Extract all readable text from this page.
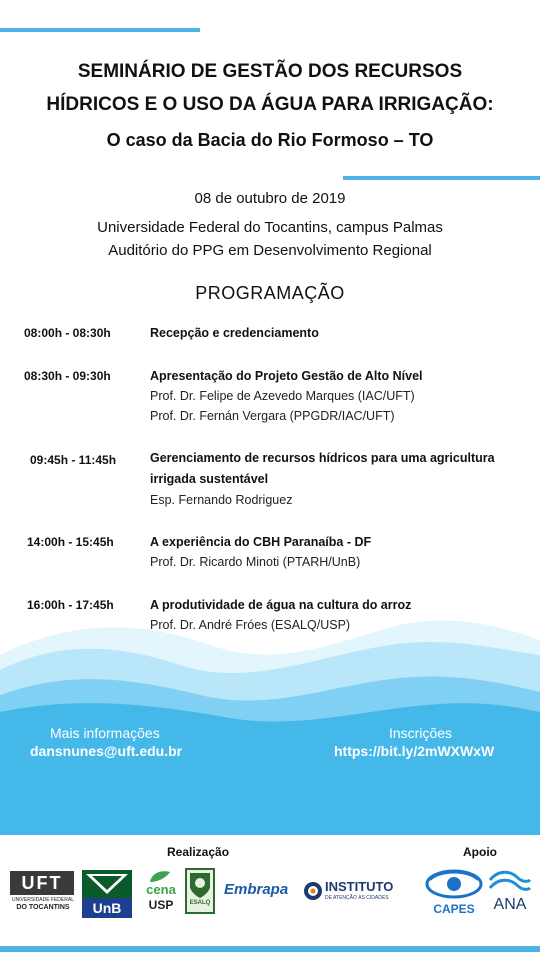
SEMINÁRIO DE GESTÃO DOS RECURSOS
HÍDRICOS E O USO DA ÁGUA PARA IRRIGAÇÃO:
O caso da Bacia do Rio Formoso – TO
08 de outubro de 2019
Universidade Federal do Tocantins, campus Palmas
Auditório do PPG em Desenvolvimento Regional
PROGRAMAÇÃO
08:00h - 08:30h	Recepção e credenciamento
08:30h - 09:30h	Apresentação do Projeto Gestão de Alto Nível
Prof. Dr. Felipe de Azevedo Marques (IAC/UFT)
Prof. Dr. Fernán Vergara (PPGDR/IAC/UFT)
09:45h - 11:45h	Gerenciamento de recursos hídricos para uma agricultura irrigada sustentável
Esp. Fernando Rodriguez
14:00h - 15:45h	A experiência do CBH Paranaíba - DF
Prof. Dr. Ricardo Minoti (PTARH/UnB)
16:00h - 17:45h	A produtividade de água na cultura do arroz
Prof. Dr. André Fróes (ESALQ/USP)
Mais informações
dansnunes@uft.edu.br
Inscrições
https://bit.ly/2mWXWxW
Realização	Apoio
UFT
UNIVERSIDADE FEDERAL
DO TOCANTINS	UnB
cena
USP	ESALQ
Embrapa	INSTITUTO
DE ATENÇÃO ÀS CIDADES
CAPES	ANA
